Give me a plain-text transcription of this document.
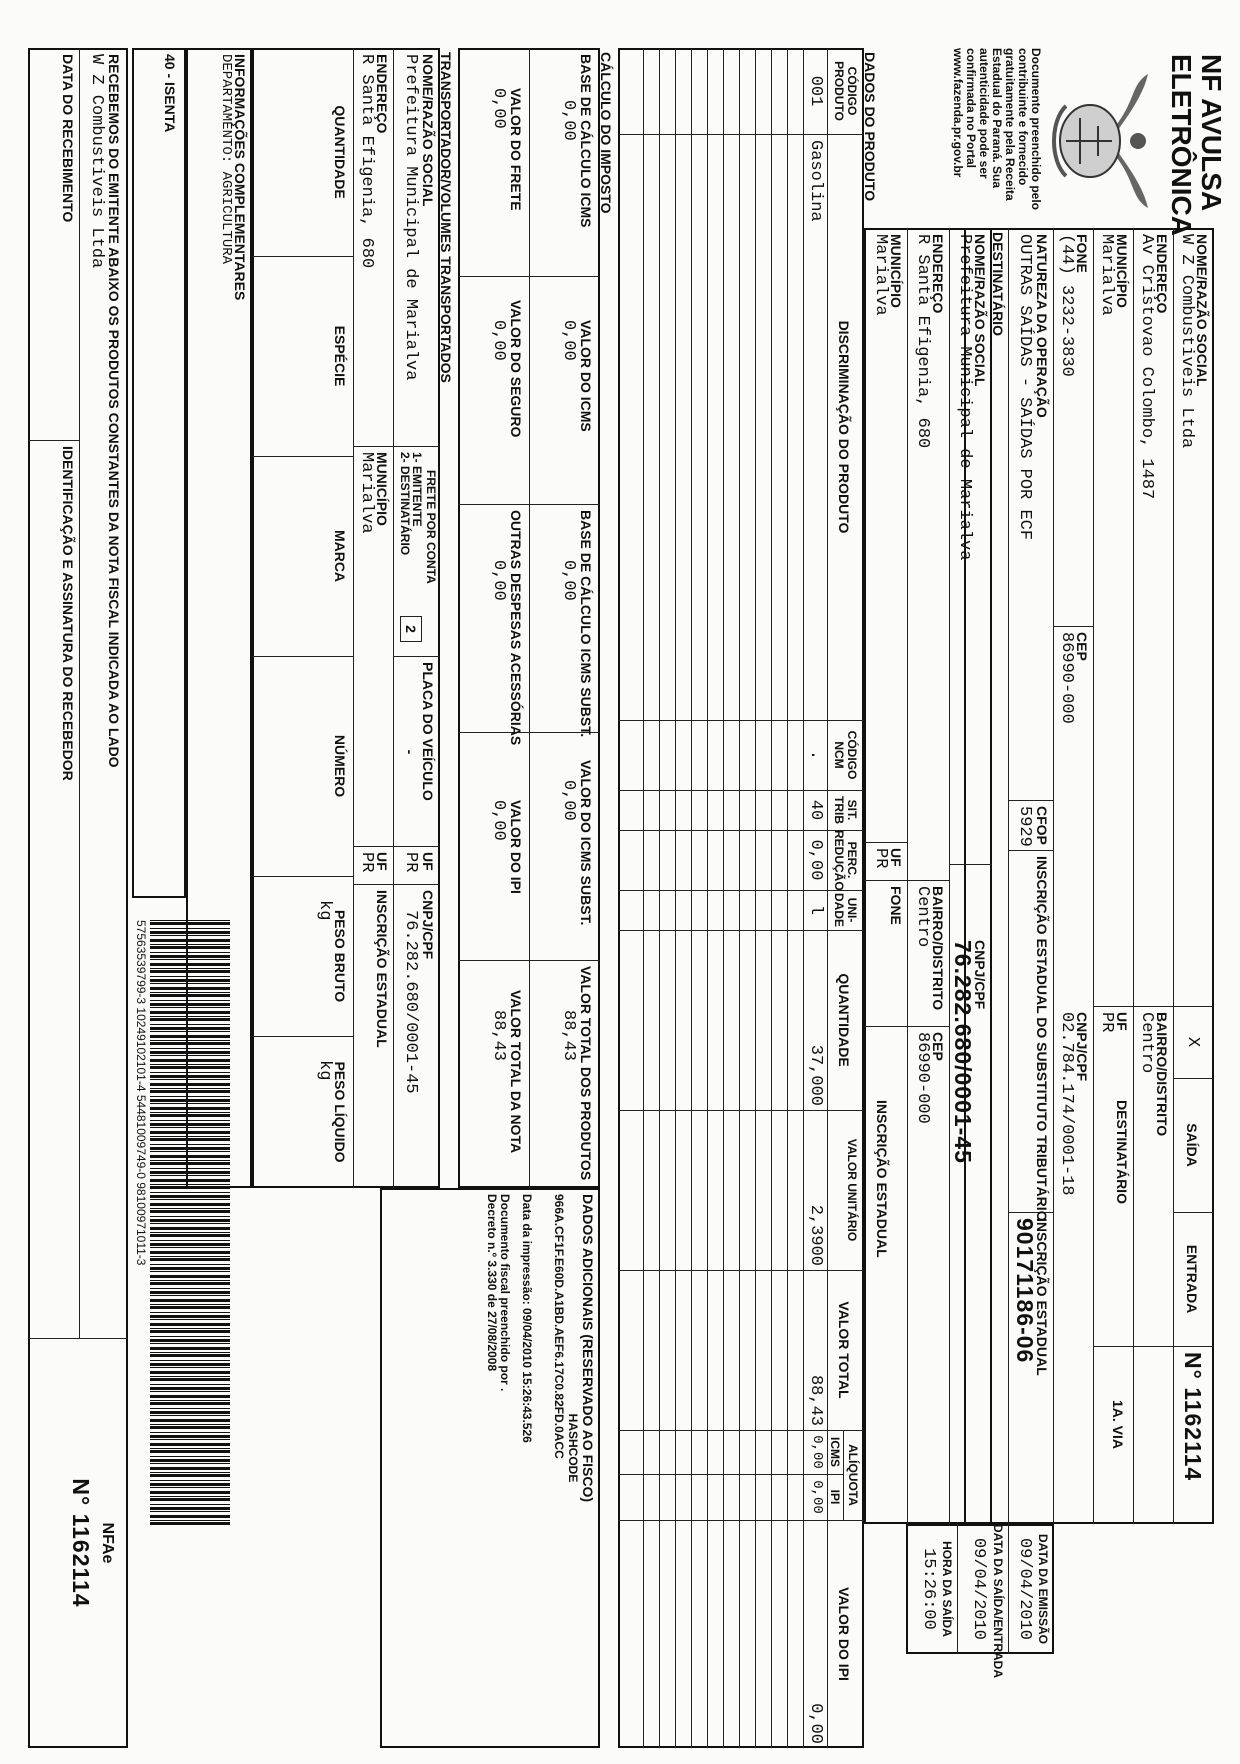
NF AVULSA
ELETRÔNICA
Documento preenchido pelo
contribuinte e fornecido
gratuitamente pela Receita
Estadual do Paraná. Sua
autenticidade pode ser
confirmada no Portal
www.fazenda.pr.gov.br
NOME/RAZÃO SOCIAL
W Z Combustiveis Ltda
ENDEREÇO
Av Cristovao Colombo, 1487
MUNICÍPIO
Marialva
FONE
(44) 3232-3830
CEP
86990-000
X
SAÍDA
ENTRADA
BAIRRO/DISTRITO
Centro
UF
PR
DESTINATÁRIO
CNPJ/CPF
02.784.174/0001-18
N° 1162114
1A. VIA
NATUREZA DA OPERAÇÃO
OUTRAS SAÍDAS - SAÍDAS POR ECF
CFOP
5929
INSCRIÇÃO ESTADUAL DO SUBSTITUTO TRIBUTÁRIO
INSCRIÇÃO ESTADUAL
90171186-06
DATA DA EMISSÃO
09/04/2010
DATA DA SAÍDA/ENTRADA
09/04/2010
HORA DA SAÍDA
15:26:00
DESTINATÁRIO
NOME/RAZÃO SOCIAL
Prefeitura Municipal de Marialva
CNPJ/CPF
76.282.680/0001-45
ENDEREÇO
R Santa Efigenia, 680
BAIRRO/DISTRITO
Centro
CEP
86990-000
MUNICÍPIO
Marialva
UF
PR
FONE
INSCRIÇÃO ESTADUAL
DADOS DO PRODUTO
CÓDIGO PRODUTO
DISCRIMINAÇÃO DO PRODUTO
CÓDIGO NCM
SIT. TRIB
PERC. REDUÇÃO
UNI- DADE
QUANTIDADE
VALOR UNITÁRIO
VALOR TOTAL
ALÍQUOTA
ICMS
IPI
VALOR DO IPI
001
Gasolina
.
40
0,00
l
37,000
2,3900
88,43
0,00
0,00
0,00
CÁLCULO DO IMPOSTO
BASE DE CÁLCULO ICMS
0,00
VALOR DO ICMS
0,00
BASE DE CÁLCULO ICMS SUBST.
0,00
VALOR DO ICMS SUBST.
0,00
VALOR TOTAL DOS PRODUTOS
88,43
VALOR DO FRETE
0,00
VALOR DO SEGURO
0,00
OUTRAS DESPESAS ACESSÓRIAS
0,00
VALOR DO IPI
0,00
VALOR TOTAL DA NOTA
88,43
DADOS ADICIONAIS (RESERVADO AO FISCO)
HASHCODE
966A.CF1F.E60D.A1BD.AEF6.17C0.82FD.0ACC
Data da impressão: 09/04/2010 15:26:43.526
Documento fiscal preenchido por .
Decreto n.º 3.330 de 27/08/2008
TRANSPORTADOR/VOLUMES TRANSPORTADOS
NOME/RAZÃO SOCIAL
Prefeitura Municipal de Marialva
FRETE POR CONTA
1- EMITENTE
2- DESTINATÁRIO
2
PLACA DO VEÍCULO
-
UF
PR
CNPJ/CPF
76.282.680/0001-45
ENDEREÇO
R Santa Efigenia, 680
MUNICÍPIO
Marialva
UF
PR
INSCRIÇÃO ESTADUAL
QUANTIDADE
ESPÉCIE
MARCA
NÚMERO
PESO BRUTO
kg
PESO LÍQUIDO
kg
INFORMAÇÕES COMPLEMENTARES
DEPARTAMENTO: AGRICULTURA
40 - ISENTA
57563539799-3 10249102101-4 54481009749-0 98100971011-3
RECEBEMOS DO EMITENTE ABAIXO OS PRODUTOS CONSTANTES DA NOTA FISCAL INDICADA AO LADO
W Z Combustiveis Ltda
DATA DO RECEBIMENTO
IDENTIFICAÇÃO E ASSINATURA DO RECEBEDOR
NFAe
N° 1162114
